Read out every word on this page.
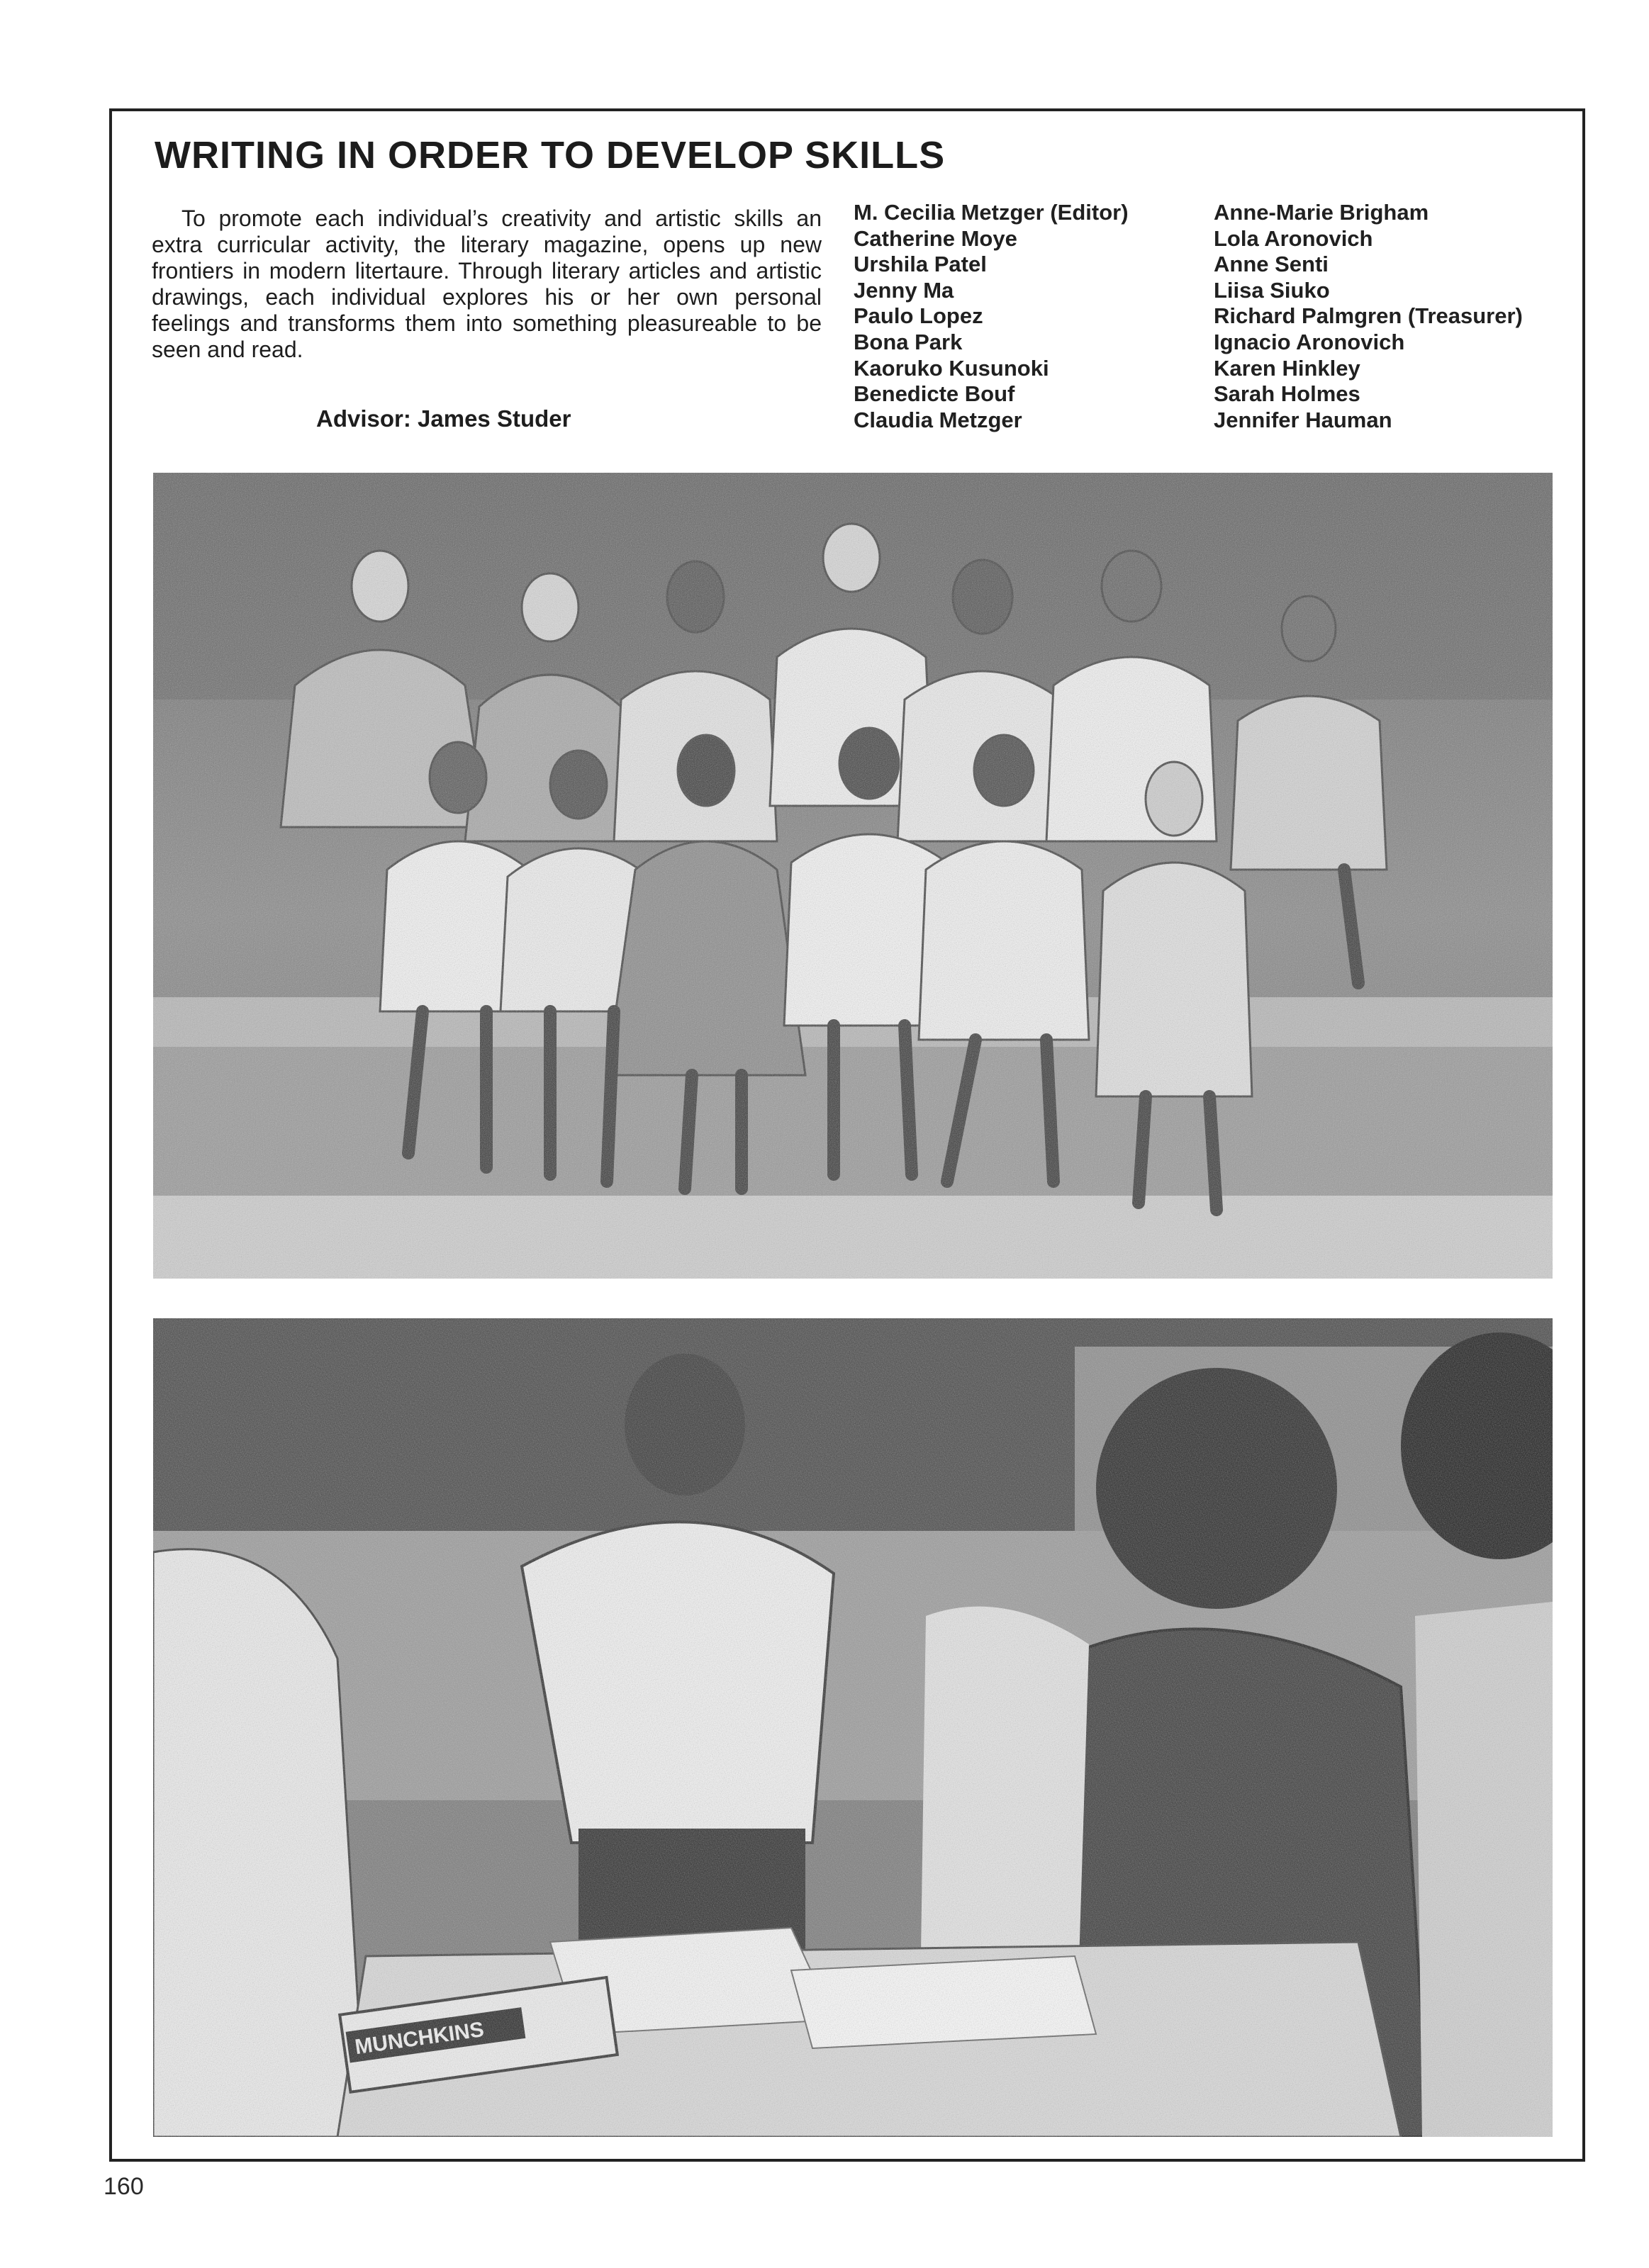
WRITING IN ORDER TO DEVELOP SKILLS

To promote each individual’s creativity and artistic skills an extra curricular activity, the literary magazine, opens up new frontiers in modern litertaure. Through literary articles and artistic drawings, each individual explores his or her own personal feelings and transforms them into something pleasureable to be seen and read.

Advisor: James Studer
M. Cecilia Metzger (Editor)
Catherine Moye
Urshila Patel
Jenny Ma
Paulo Lopez
Bona Park
Kaoruko Kusunoki
Benedicte Bouf
Claudia Metzger
Anne-Marie Brigham
Lola Aronovich
Anne Senti
Liisa Siuko
Richard Palmgren (Treasurer)
Ignacio Aronovich
Karen Hinkley
Sarah Holmes
Jennifer Hauman
160
